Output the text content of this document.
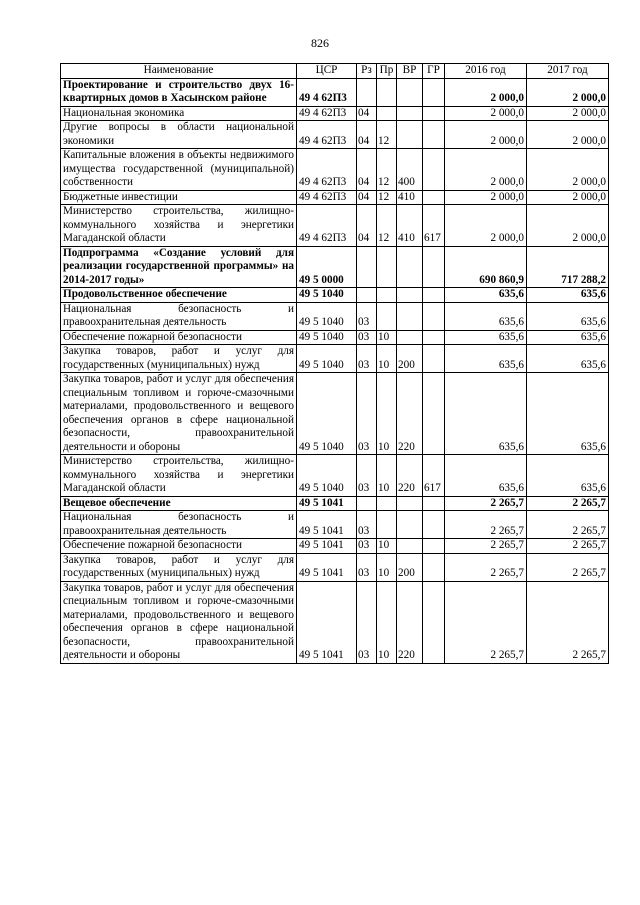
826
Наименование	ЦСР	Рз	Пр	ВР	ГР	2016 год	2017 год
Проектирование и строительство двух 16-квартирных домов в Хасынском районе	49 4 62П3					2 000,0	2 000,0
Национальная экономика	49 4 62П3	04				2 000,0	2 000,0
Другие вопросы в области национальной экономики	49 4 62П3	04	12			2 000,0	2 000,0
Капитальные вложения в объекты недвижимого имущества государственной (муниципальной) собственности	49 4 62П3	04	12	400		2 000,0	2 000,0
Бюджетные инвестиции	49 4 62П3	04	12	410		2 000,0	2 000,0
Министерство строительства, жилищно-коммунального хозяйства и энергетики Магаданской области	49 4 62П3	04	12	410	617	2 000,0	2 000,0
Подпрограмма «Создание условий для реализации государственной программы» на 2014-2017 годы»	49 5 0000					690 860,9	717 288,2
Продовольственное обеспечение	49 5 1040					635,6	635,6
Национальная безопасность и правоохранительная деятельность	49 5 1040	03				635,6	635,6
Обеспечение пожарной безопасности	49 5 1040	03	10			635,6	635,6
Закупка товаров, работ и услуг для государственных (муниципальных) нужд	49 5 1040	03	10	200		635,6	635,6
Закупка товаров, работ и услуг для обеспечения специальным топливом и горюче-смазочными материалами, продовольственного и вещевого обеспечения органов в сфере национальной безопасности, правоохранительной деятельности и обороны	49 5 1040	03	10	220		635,6	635,6
Министерство строительства, жилищно-коммунального хозяйства и энергетики Магаданской области	49 5 1040	03	10	220	617	635,6	635,6
Вещевое обеспечение	49 5 1041					2 265,7	2 265,7
Национальная безопасность и правоохранительная деятельность	49 5 1041	03				2 265,7	2 265,7
Обеспечение пожарной безопасности	49 5 1041	03	10			2 265,7	2 265,7
Закупка товаров, работ и услуг для государственных (муниципальных) нужд	49 5 1041	03	10	200		2 265,7	2 265,7
Закупка товаров, работ и услуг для обеспечения специальным топливом и горюче-смазочными материалами, продовольственного и вещевого обеспечения органов в сфере национальной безопасности, правоохранительной деятельности и обороны	49 5 1041	03	10	220		2 265,7	2 265,7
